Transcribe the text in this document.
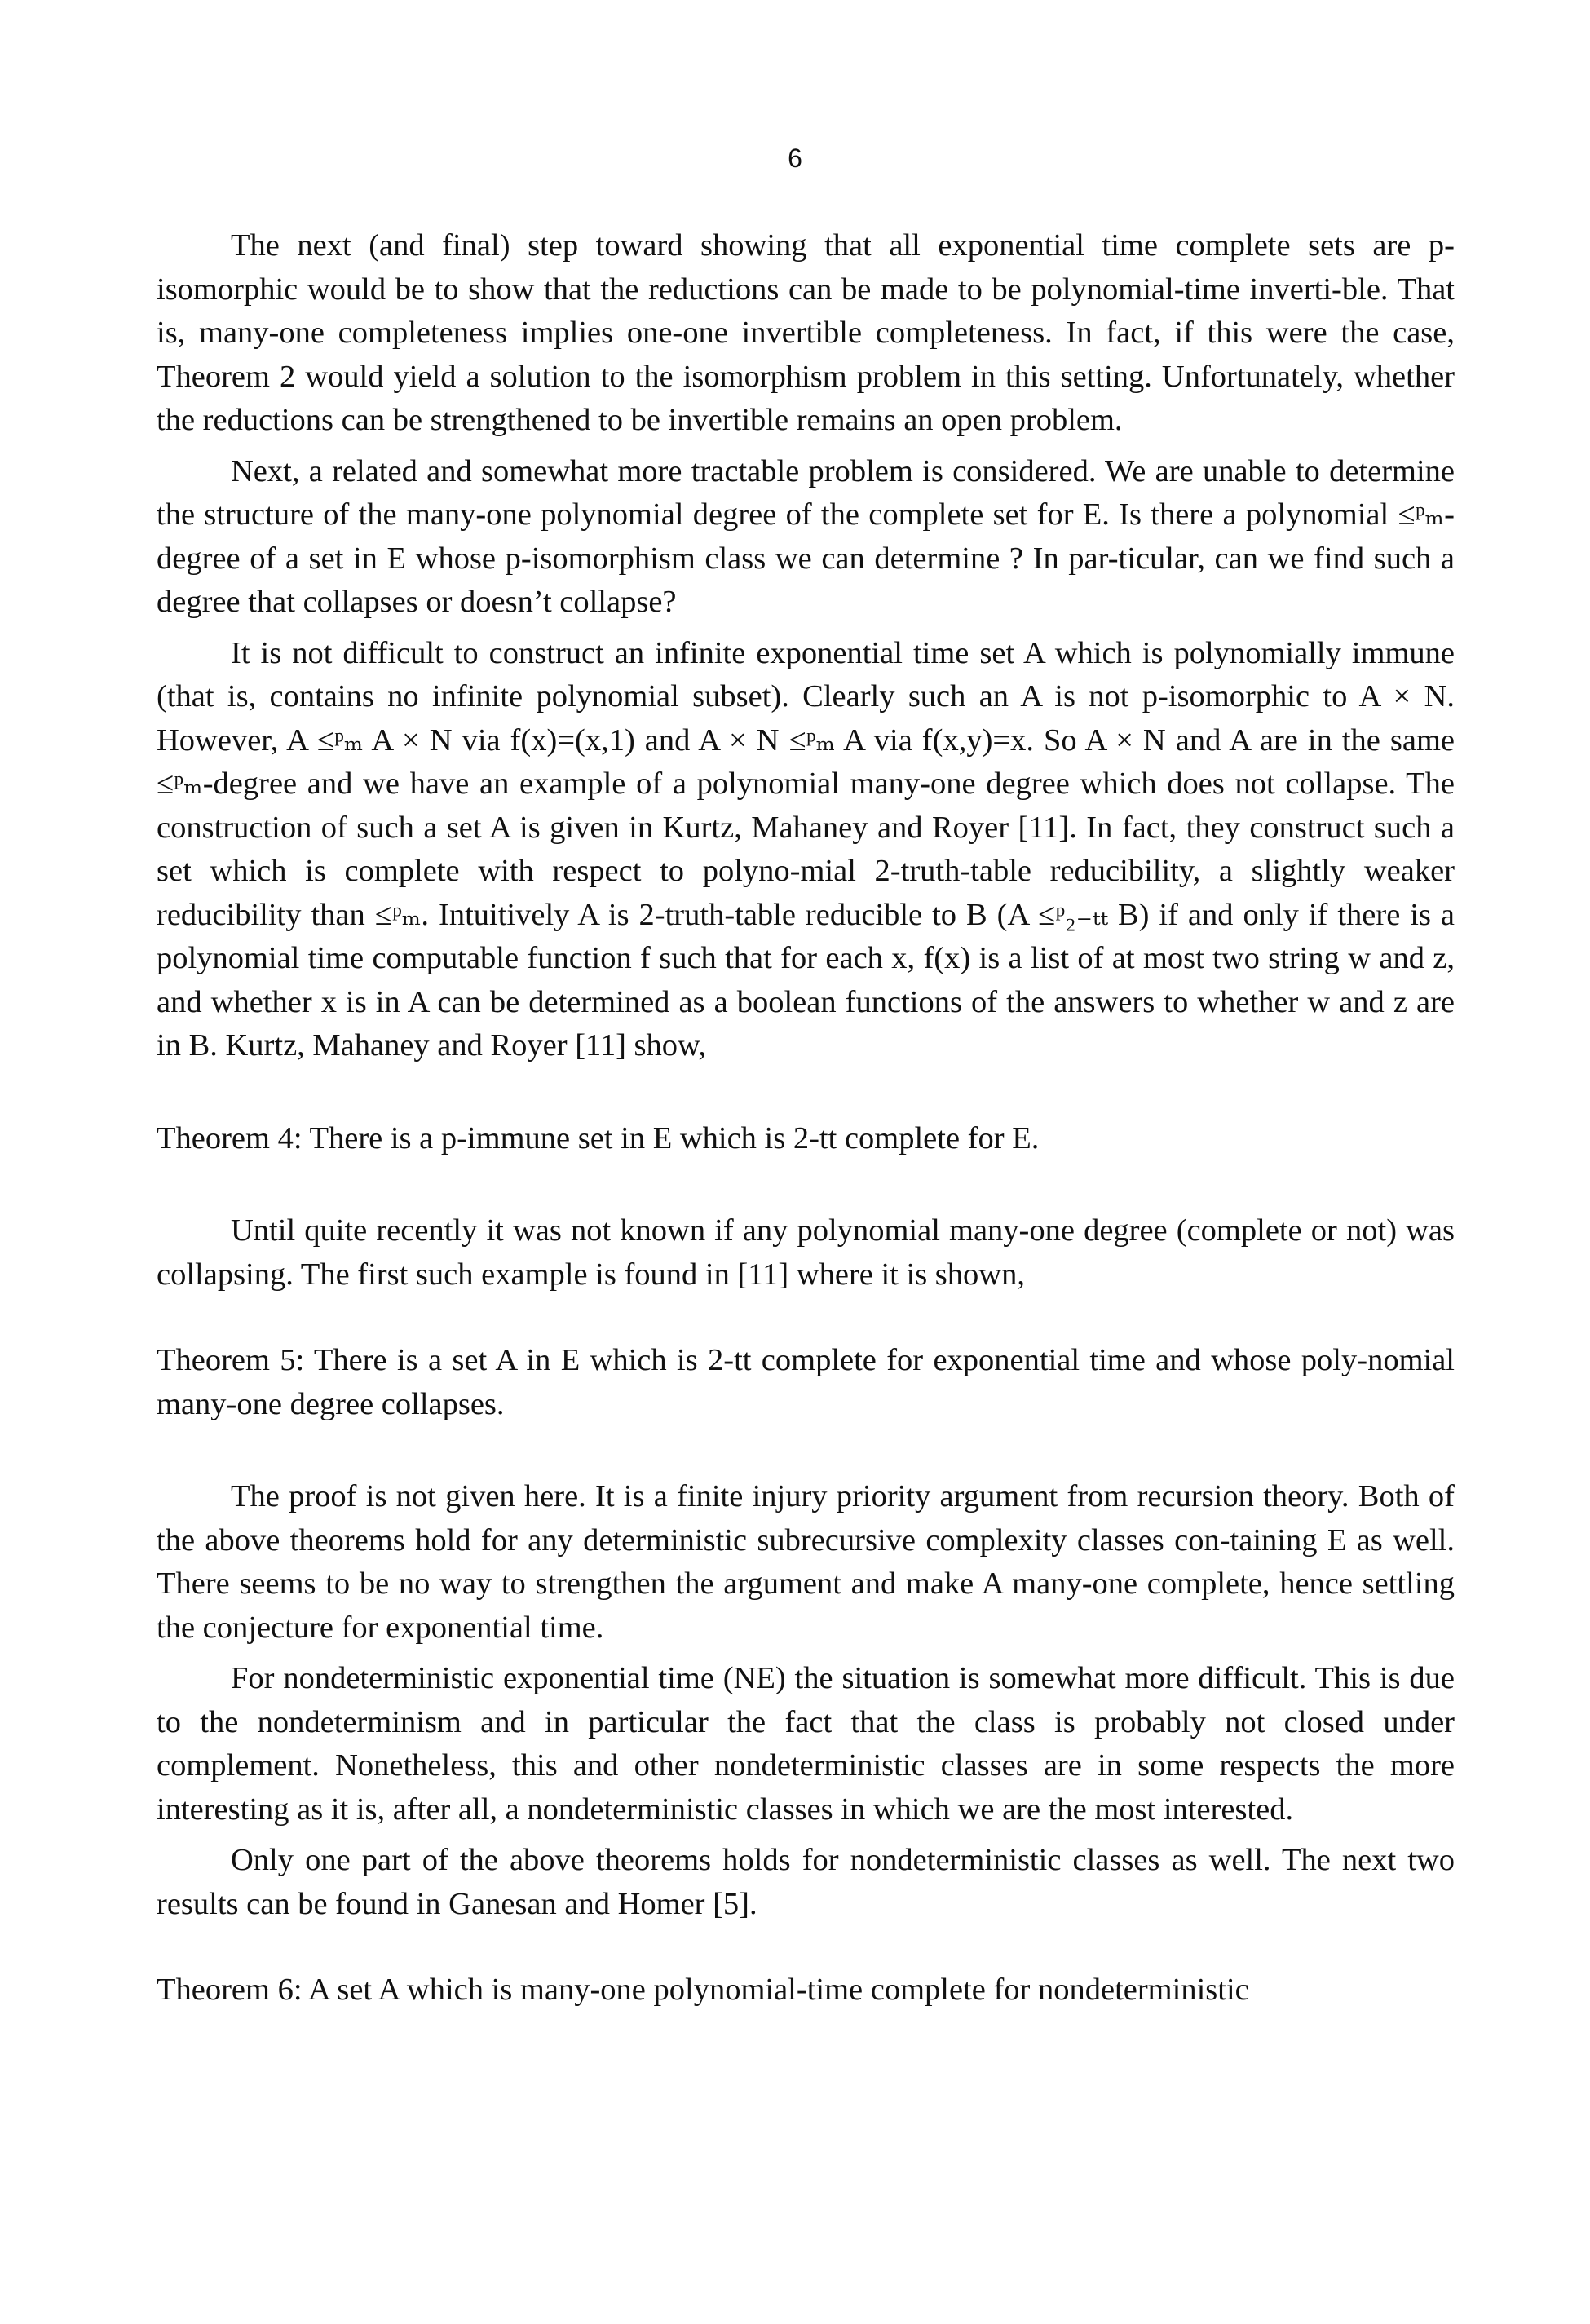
6

The next (and final) step toward showing that all exponential time complete sets are p-isomorphic would be to show that the reductions can be made to be polynomial-time inverti-ble. That is, many-one completeness implies one-one invertible completeness. In fact, if this were the case, Theorem 2 would yield a solution to the isomorphism problem in this setting. Unfortunately, whether the reductions can be strengthened to be invertible remains an open problem.

Next, a related and somewhat more tractable problem is considered. We are unable to determine the structure of the many-one polynomial degree of the complete set for E. Is there a polynomial ≤ᵖₘ-degree of a set in E whose p-isomorphism class we can determine ? In par-ticular, can we find such a degree that collapses or doesn’t collapse?

It is not difficult to construct an infinite exponential time set A which is polynomially immune (that is, contains no infinite polynomial subset). Clearly such an A is not p-isomorphic to A × N. However, A ≤ᵖₘ A × N via f(x)=(x,1) and A × N ≤ᵖₘ A via f(x,y)=x. So A × N and A are in the same ≤ᵖₘ-degree and we have an example of a polynomial many-one degree which does not collapse. The construction of such a set A is given in Kurtz, Mahaney and Royer [11]. In fact, they construct such a set which is complete with respect to polyno-mial 2-truth-table reducibility, a slightly weaker reducibility than ≤ᵖₘ. Intuitively A is 2-truth-table reducible to B (A ≤ᵖ₂₋ₜₜ B) if and only if there is a polynomial time computable function f such that for each x, f(x) is a list of at most two string w and z, and whether x is in A can be determined as a boolean functions of the answers to whether w and z are in B. Kurtz, Mahaney and Royer [11] show,

Theorem 4: There is a p-immune set in E which is 2-tt complete for E.

Until quite recently it was not known if any polynomial many-one degree (complete or not) was collapsing. The first such example is found in [11] where it is shown,

Theorem 5: There is a set A in E which is 2-tt complete for exponential time and whose poly-nomial many-one degree collapses.

The proof is not given here. It is a finite injury priority argument from recursion theory. Both of the above theorems hold for any deterministic subrecursive complexity classes con-taining E as well. There seems to be no way to strengthen the argument and make A many-one complete, hence settling the conjecture for exponential time.

For nondeterministic exponential time (NE) the situation is somewhat more difficult. This is due to the nondeterminism and in particular the fact that the class is probably not closed under complement. Nonetheless, this and other nondeterministic classes are in some respects the more interesting as it is, after all, a nondeterministic classes in which we are the most interested.

Only one part of the above theorems holds for nondeterministic classes as well. The next two results can be found in Ganesan and Homer [5].

Theorem 6: A set A which is many-one polynomial-time complete for nondeterministic
